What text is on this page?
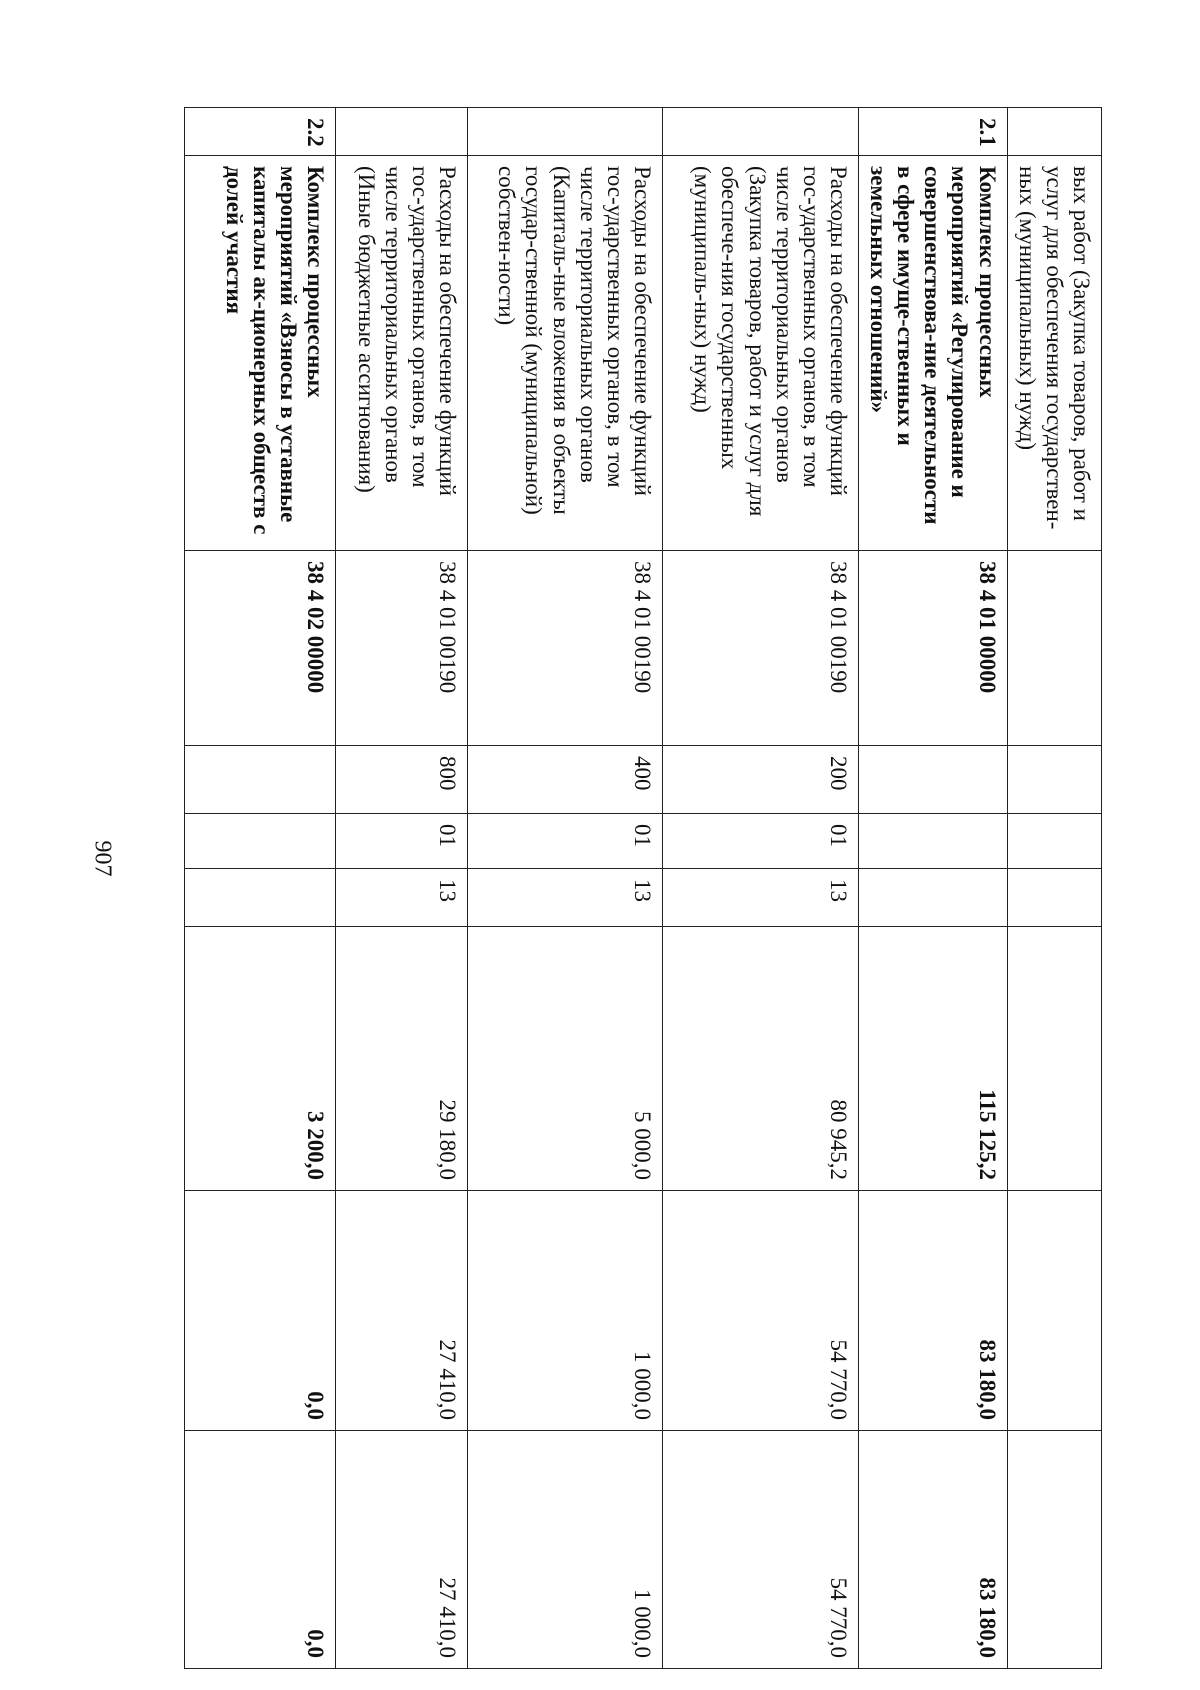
907
	вых работ (Закупка товаров, работ и услуг для обеспечения государствен-ных (муниципальных) нужд)							
2.1	Комплекс процессных мероприятий «Регулирование и совершенствова-ние деятельности в сфере имуще-ственных и земельных отношений»	38 4 01 00000				115 125,2	83 180,0	83 180,0
	Расходы на обеспечение функций гос-ударственных органов, в том числе территориальных органов (Закупка товаров, работ и услуг для обеспече-ния государственных (муниципаль-ных) нужд)	38 4 01 00190	200	01	13	80 945,2	54 770,0	54 770,0
	Расходы на обеспечение функций гос-ударственных органов, в том числе территориальных органов (Капиталь-ные вложения в объекты государ-ственной (муниципальной) собствен-ности)	38 4 01 00190	400	01	13	5 000,0	1 000,0	1 000,0
	Расходы на обеспечение функций гос-ударственных органов, в том числе территориальных органов (Иные бюджетные ассигнования)	38 4 01 00190	800	01	13	29 180,0	27 410,0	27 410,0
2.2	Комплекс процессных мероприятий «Взносы в уставные капиталы ак-ционерных обществ с долей участия	38 4 02 00000				3 200,0	0,0	0,0
